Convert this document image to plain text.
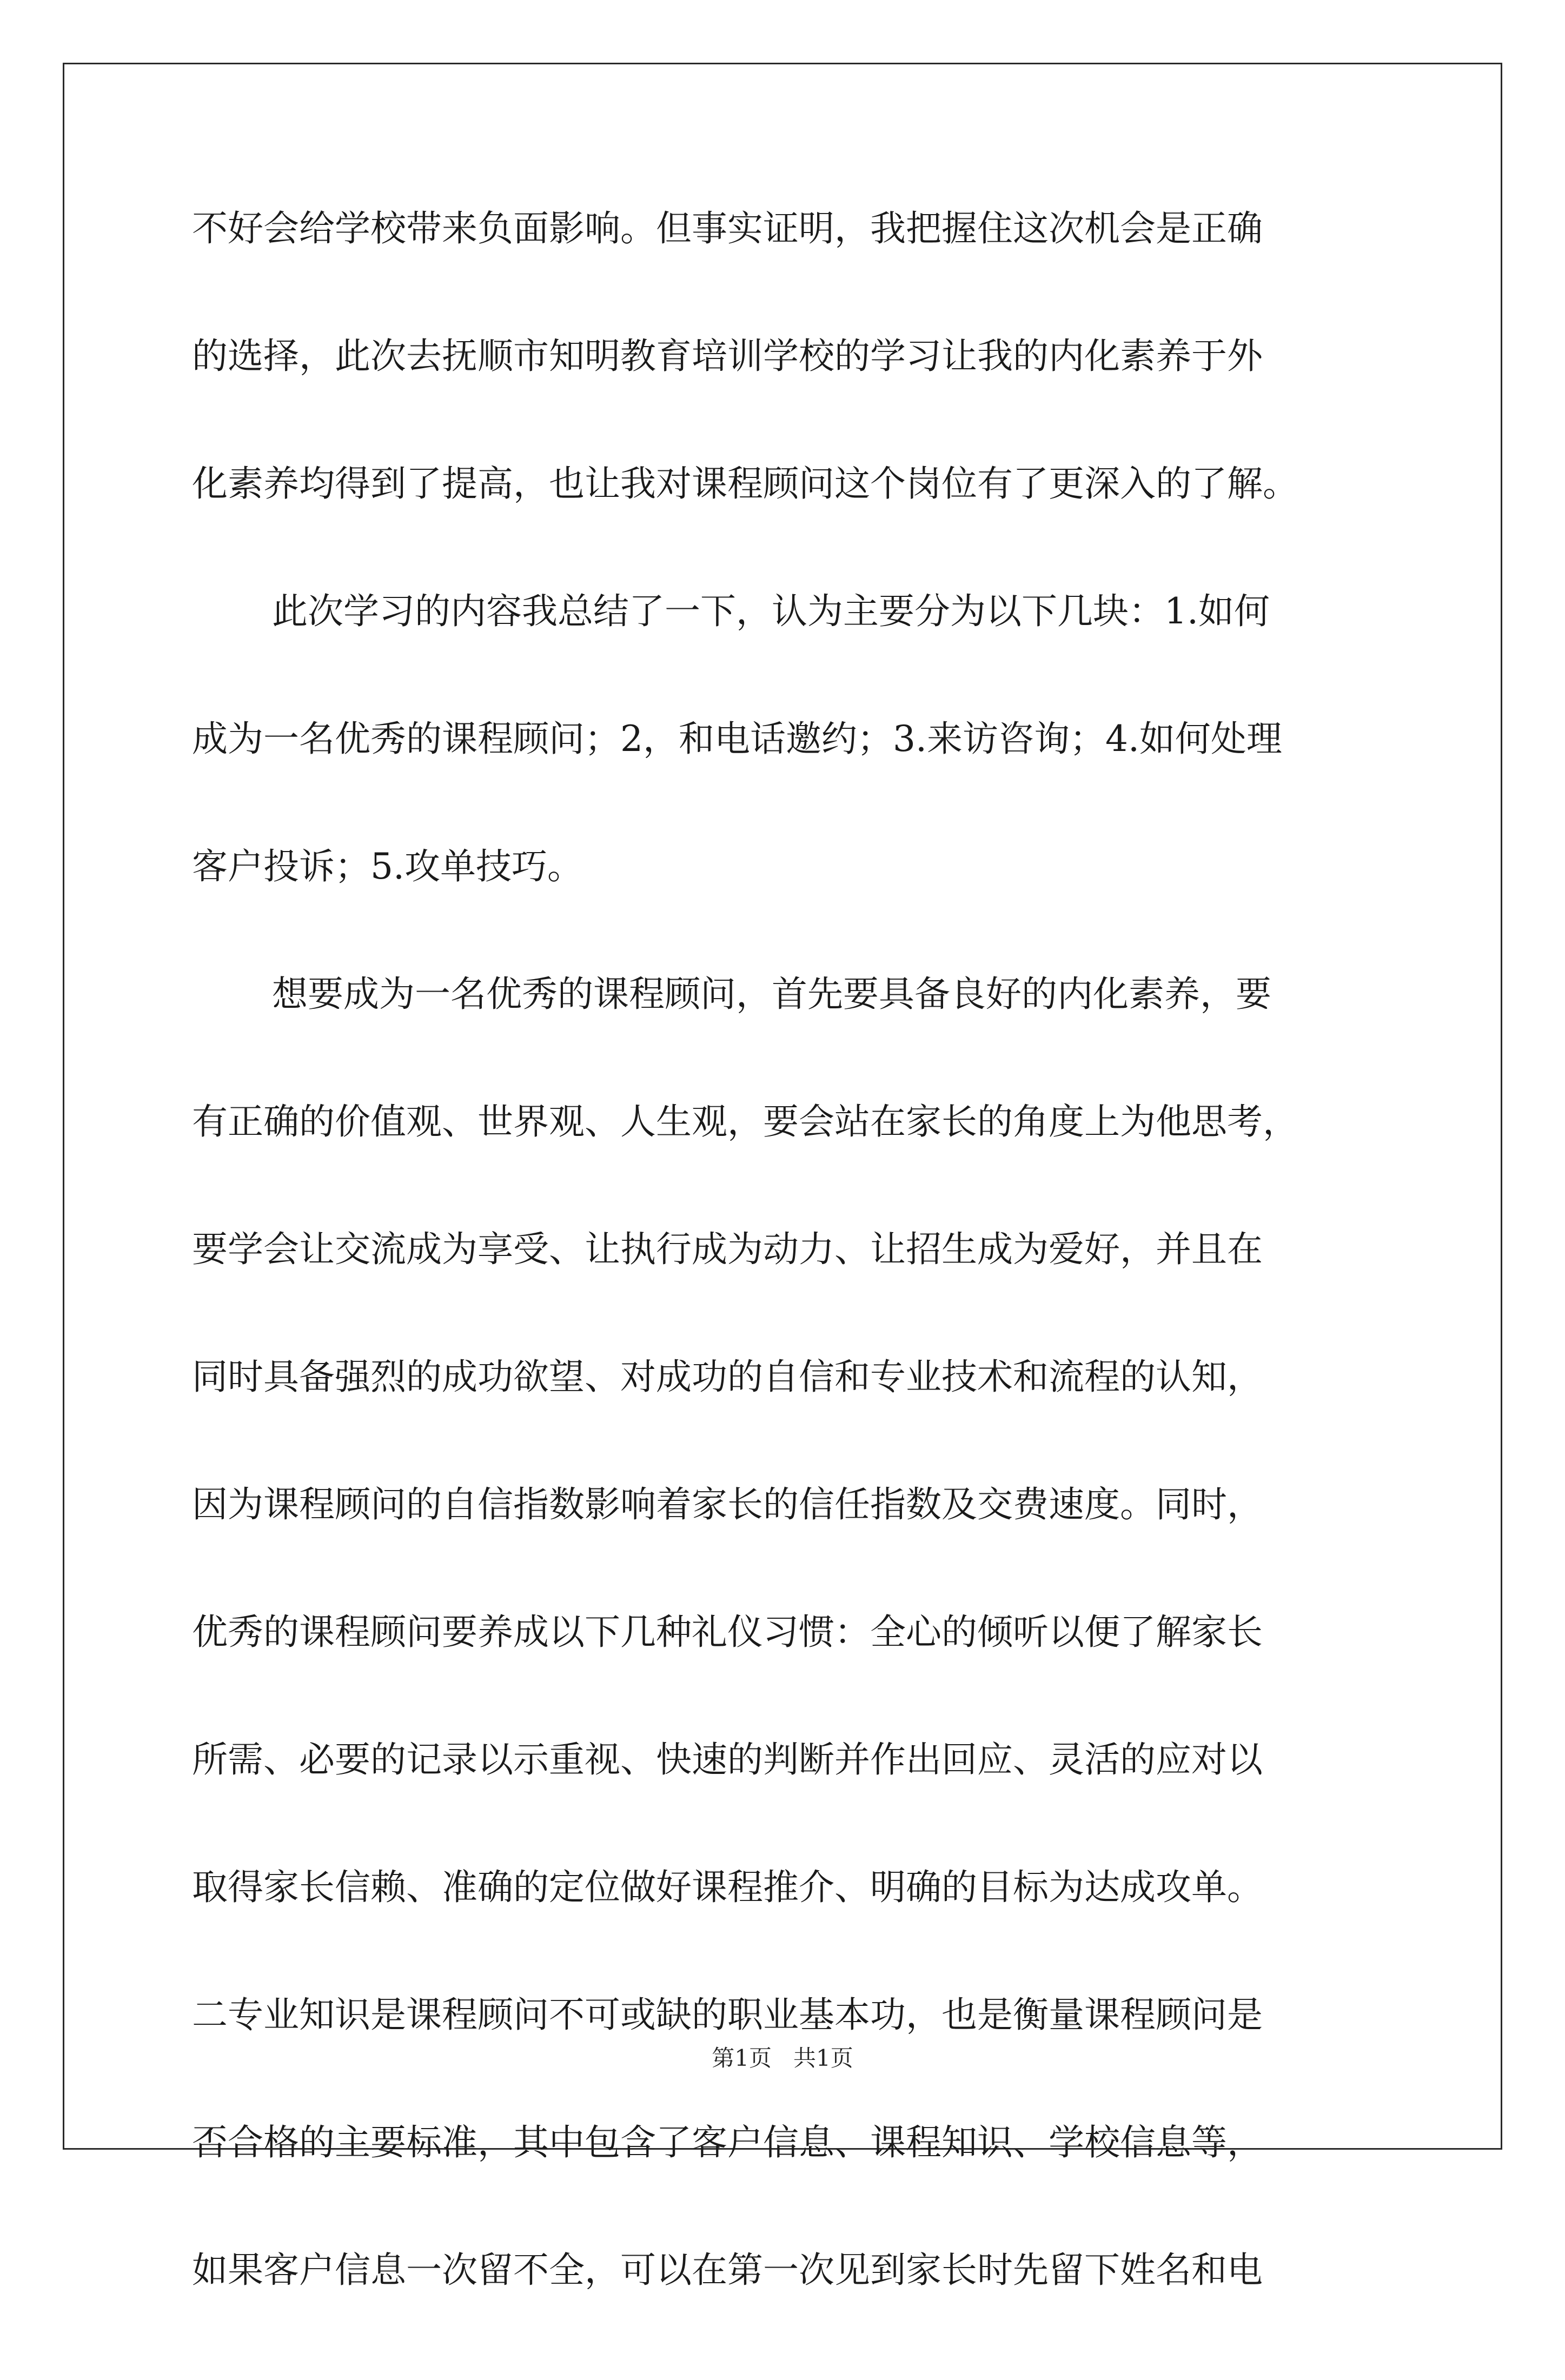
不好会给学校带来负面影响。但事实证明，我把握住这次机会是正确
的选择，此次去抚顺市知明教育培训学校的学习让我的内化素养于外
化素养均得到了提高，也让我对课程顾问这个岗位有了更深入的了解。
此次学习的内容我总结了一下，认为主要分为以下几块：1.如何
成为一名优秀的课程顾问；2，和电话邀约；3.来访咨询；4.如何处理
客户投诉；5.攻单技巧。
想要成为一名优秀的课程顾问，首先要具备良好的内化素养，要
有正确的价值观、世界观、人生观，要会站在家长的角度上为他思考，
要学会让交流成为享受、让执行成为动力、让招生成为爱好，并且在
同时具备强烈的成功欲望、对成功的自信和专业技术和流程的认知，
因为课程顾问的自信指数影响着家长的信任指数及交费速度。同时，
优秀的课程顾问要养成以下几种礼仪习惯：全心的倾听以便了解家长
所需、必要的记录以示重视、快速的判断并作出回应、灵活的应对以
取得家长信赖、准确的定位做好课程推介、明确的目标为达成攻单。
二专业知识是课程顾问不可或缺的职业基本功，也是衡量课程顾问是
否合格的主要标准，其中包含了客户信息、课程知识、学校信息等，
如果客户信息一次留不全，可以在第一次见到家长时先留下姓名和电
第1页   共1页
